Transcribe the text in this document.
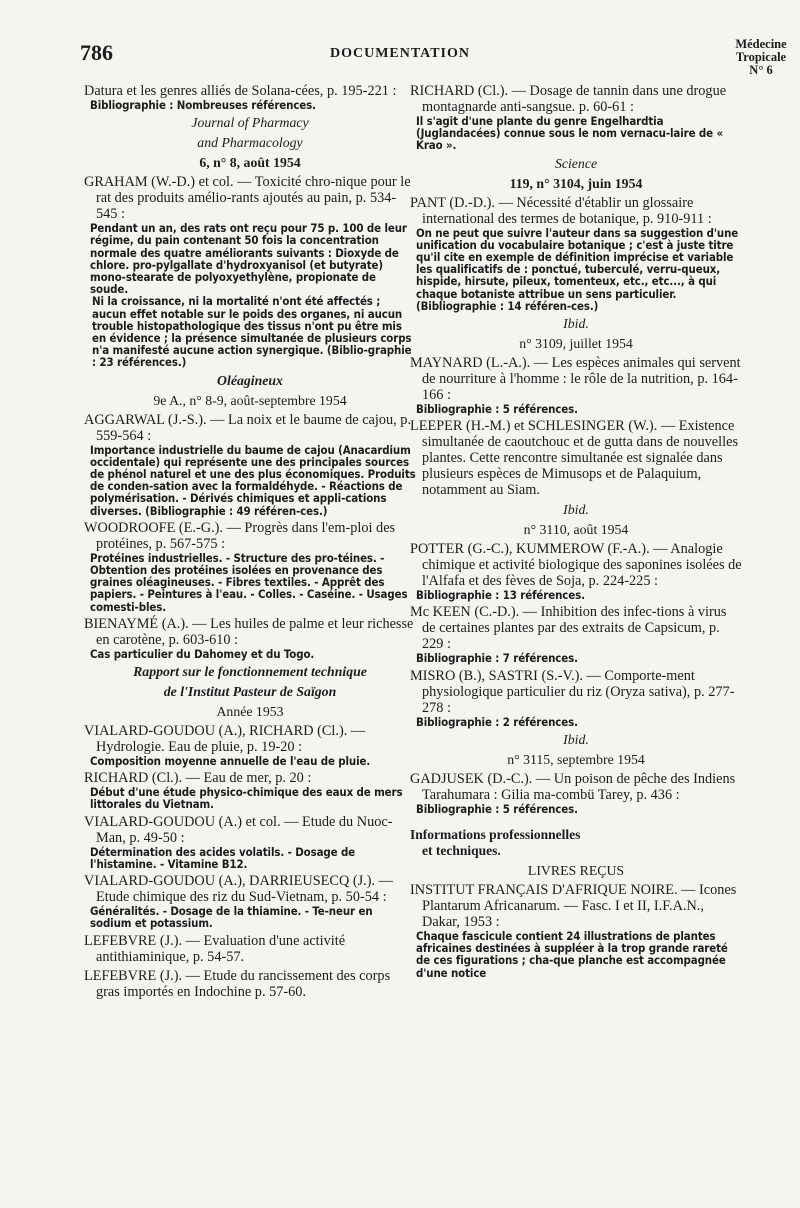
786	DOCUMENTATION
Médecine
Tropicale
N° 6

Datura et les genres alliés de Solana-cées, p. 195-221 :

Bibliographie : Nombreuses références.

Journal of Pharmacy

and Pharmacology

6, n° 8, août 1954

GRAHAM (W.-D.) et col. — Toxicité chro-nique pour le rat des produits amélio-rants ajoutés au pain, p. 534-545 :

Pendant un an, des rats ont reçu pour 75 p. 100 de leur régime, du pain contenant 50 fois la concentration normale des quatre améliorants suivants : Dioxyde de chlore. pro-pylgallate d'hydroxyanisol (et butyrate) mono-stearate de polyoxyethylène, propionate de soude.

Ni la croissance, ni la mortalité n'ont été affectés ; aucun effet notable sur le poids des organes, ni aucun trouble histopathologique des tissus n'ont pu être mis en évidence ; la présence simultanée de plusieurs corps n'a manifesté aucune action synergique. (Biblio-graphie : 23 références.)

Oléagineux

9e A., n° 8-9, août-septembre 1954

AGGARWAL (J.-S.). — La noix et le baume de cajou, p. 559-564 :

Importance industrielle du baume de cajou (Anacardium occidentale) qui représente une des principales sources de phénol naturel et une des plus économiques. Produits de conden-sation avec la formaldéhyde. - Réactions de polymérisation. - Dérivés chimiques et appli-cations diverses. (Bibliographie : 49 référen-ces.)

WOODROOFE (E.-G.). — Progrès dans l'em-ploi des protéines, p. 567-575 :

Protéines industrielles. - Structure des pro-téines. - Obtention des protéines isolées en provenance des graines oléagineuses. - Fibres textiles. - Apprêt des papiers. - Peintures à l'eau. - Colles. - Caséine. - Usages comesti-bles.

BIENAYMÉ (A.). — Les huiles de palme et leur richesse en carotène, p. 603-610 :

Cas particulier du Dahomey et du Togo.

Rapport sur le fonctionnement technique

de l'Institut Pasteur de Saïgon

Année 1953

VIALARD-GOUDOU (A.), RICHARD (Cl.). — Hydrologie. Eau de pluie, p. 19-20 :

Composition moyenne annuelle de l'eau de pluie.

RICHARD (Cl.). — Eau de mer, p. 20 :

Début d'une étude physico-chimique des eaux de mers littorales du Vietnam.

VIALARD-GOUDOU (A.) et col. — Etude du Nuoc-Man, p. 49-50 :

Détermination des acides volatils. - Dosage de l'histamine. - Vitamine B12.

VIALARD-GOUDOU (A.), DARRIEUSECQ (J.). — Etude chimique des riz du Sud-Vietnam, p. 50-54 :

Généralités. - Dosage de la thiamine. - Te-neur en sodium et potassium.

LEFEBVRE (J.). — Evaluation d'une activité antithiaminique, p. 54-57.

LEFEBVRE (J.). — Etude du rancissement des corps gras importés en Indochine p. 57-60.

RICHARD (Cl.). — Dosage de tannin dans une drogue montagnarde anti-sangsue. p. 60-61 :

Il s'agit d'une plante du genre Engelhardtia (Juglandacées) connue sous le nom vernacu-laire de « Krao ».

Science

119, n° 3104, juin 1954

PANT (D.-D.). — Nécessité d'établir un glossaire international des termes de botanique, p. 910-911 :

On ne peut que suivre l'auteur dans sa suggestion d'une unification du vocabulaire botanique ; c'est à juste titre qu'il cite en exemple de définition imprécise et variable les qualificatifs de : ponctué, tuberculé, verru-queux, hispide, hirsute, pileux, tomenteux, etc., etc..., à qui chaque botaniste attribue un sens particulier. (Bibliographie : 14 référen-ces.)

Ibid.

n° 3109, juillet 1954

MAYNARD (L.-A.). — Les espèces animales qui servent de nourriture à l'homme : le rôle de la nutrition, p. 164-166 :

Bibliographie : 5 références.

LEEPER (H.-M.) et SCHLESINGER (W.). — Existence simultanée de caoutchouc et de gutta dans de nouvelles plantes. Cette rencontre simultanée est signalée dans plusieurs espèces de Mimusops et de Palaquium, notamment au Siam.

Ibid.

n° 3110, août 1954

POTTER (G.-C.), KUMMEROW (F.-A.). — Analogie chimique et activité biologique des saponines isolées de l'Alfafa et des fèves de Soja, p. 224-225 :

Bibliographie : 13 références.

Mc KEEN (C.-D.). — Inhibition des infec-tions à virus de certaines plantes par des extraits de Capsicum, p. 229 :

Bibliographie : 7 références.

MISRO (B.), SASTRI (S.-V.). — Comporte-ment physiologique particulier du riz (Oryza sativa), p. 277-278 :

Bibliographie : 2 références.

Ibid.

n° 3115, septembre 1954

GADJUSEK (D.-C.). — Un poison de pêche des Indiens Tarahumara : Gilia ma-combü Tarey, p. 436 :

Bibliographie : 5 références.

Informations professionnelles

et techniques.

LIVRES REÇUS

INSTITUT FRANÇAIS D'AFRIQUE NOIRE. — Icones Plantarum Africanarum. — Fasc. I et II, I.F.A.N., Dakar, 1953 :

Chaque fascicule contient 24 illustrations de plantes africaines destinées à suppléer à la trop grande rareté de ces figurations ; cha-que planche est accompagnée d'une notice
